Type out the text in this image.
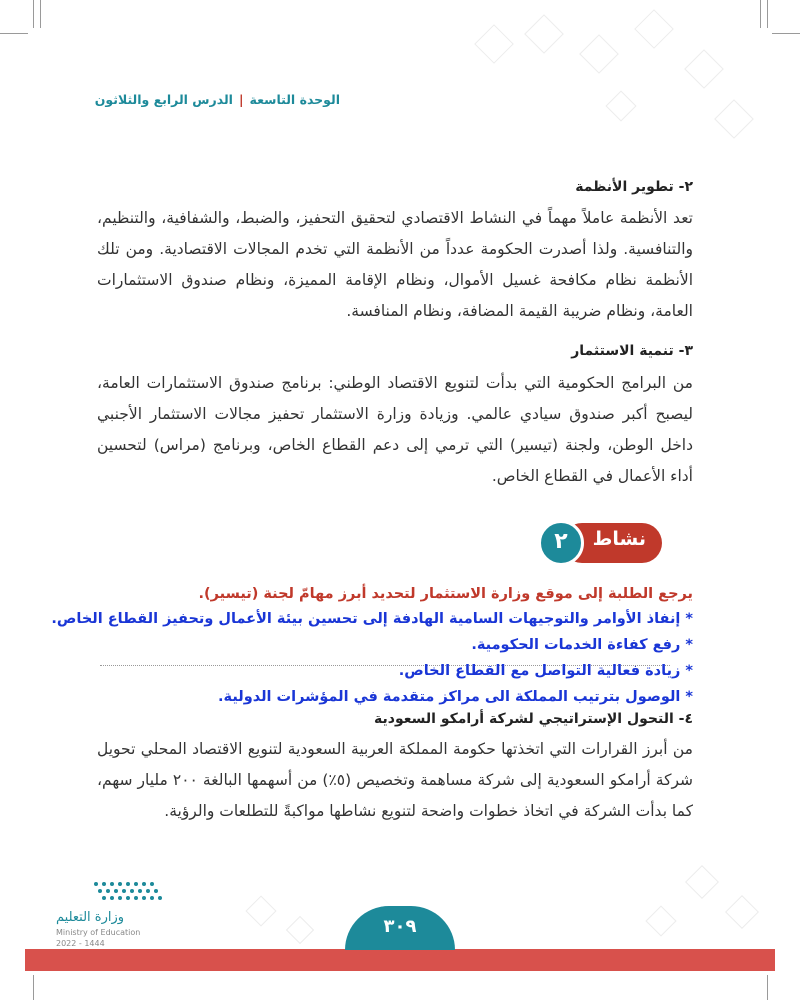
الوحدة التاسعة|الدرس الرابع والثلاثون
٢- تطوير الأنظمة
تعد الأنظمة عاملاً مهماً في النشاط الاقتصادي لتحقيق التحفيز، والضبط، والشفافية، والتنظيم، والتنافسية. ولذا أصدرت الحكومة عدداً من الأنظمة التي تخدم المجالات الاقتصادية. ومن تلك الأنظمة نظام مكافحة غسيل الأموال، ونظام الإقامة المميزة، ونظام صندوق الاستثمارات العامة، ونظام ضريبة القيمة المضافة، ونظام المنافسة.
٣- تنمية الاستثمار
من البرامج الحكومية التي بدأت لتنويع الاقتصاد الوطني: برنامج صندوق الاستثمارات العامة، ليصبح أكبر صندوق سيادي عالمي. وزيادة وزارة الاستثمار تحفيز مجالات الاستثمار الأجنبي داخل الوطن، ولجنة (تيسير) التي ترمي إلى دعم القطاع الخاص، وبرنامج (مراس) لتحسين أداء الأعمال في القطاع الخاص.
نشاط
٢
يرجع الطلبة إلى موقع وزارة الاستثمار لتحديد أبرز مهامّ لجنة (تيسير).
* إنفاذ الأوامر والتوجيهات السامية الهادفة إلى تحسين بيئة الأعمال وتحفيز القطاع الخاص.
* رفع كفاءة الخدمات الحكومية.
* زيادة فعالية التواصل مع القطاع الخاص.
* الوصول بترتيب المملكة الى مراكز متقدمة في المؤشرات الدولية.
٤- التحول الإستراتيجي لشركة أرامكو السعودية
من أبرز القرارات التي اتخذتها حكومة المملكة العربية السعودية لتنويع الاقتصاد المحلي تحويل شركة أرامكو السعودية إلى شركة مساهمة وتخصيص (٥٪) من أسهمها البالغة ٢٠٠ مليار سهم، كما بدأت الشركة في اتخاذ خطوات واضحة لتنويع نشاطها مواكبةً للتطلعات والرؤية.
وزارة التعليم
Ministry of Education
2022 - 1444
٣٠٩
